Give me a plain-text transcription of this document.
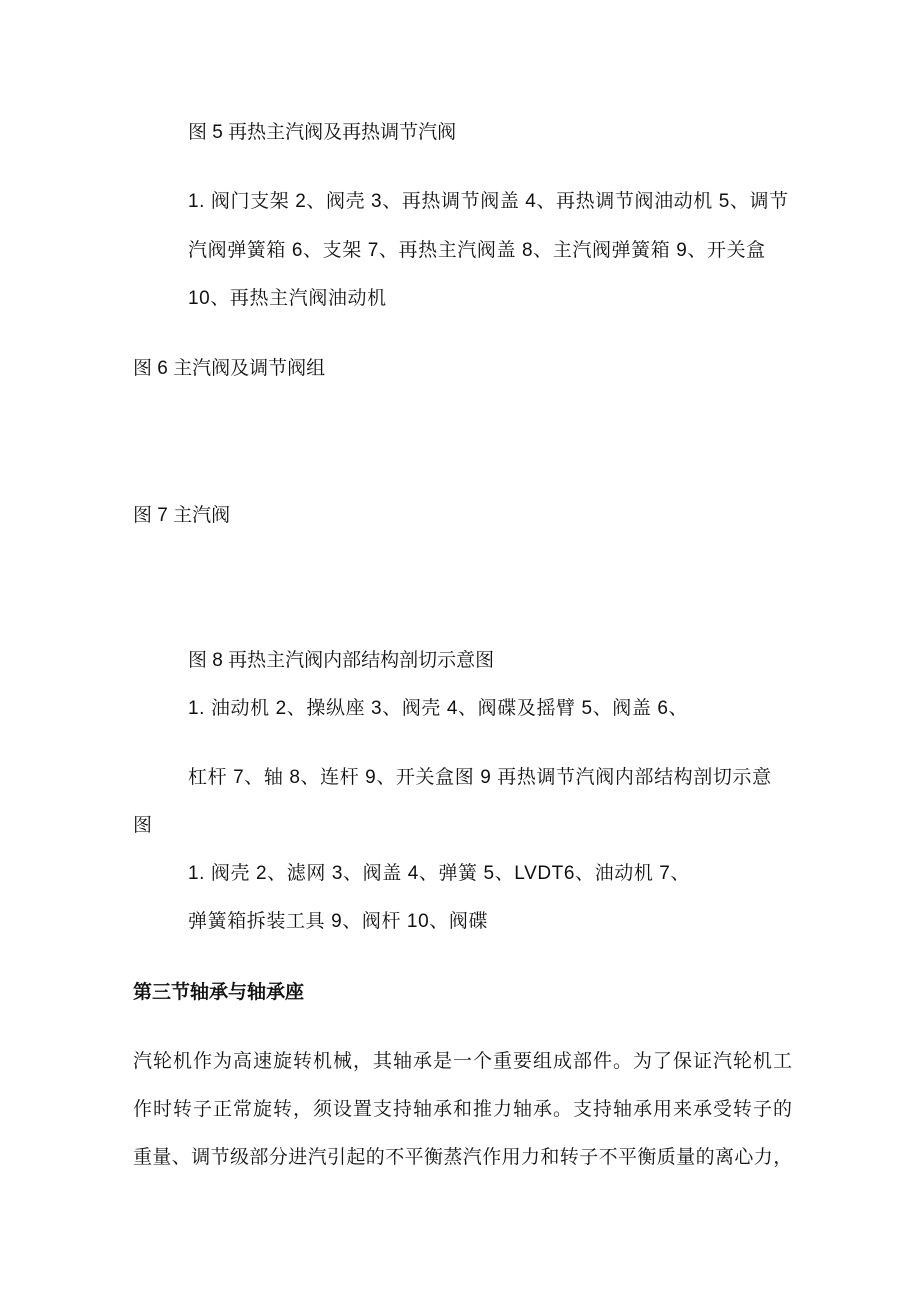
图 5 再热主汽阀及再热调节汽阀
1. 阀门支架 2、阀壳 3、再热调节阀盖 4、再热调节阀油动机 5、调节
汽阀弹簧箱 6、支架 7、再热主汽阀盖 8、主汽阀弹簧箱 9、开关盒
10、再热主汽阀油动机
图 6 主汽阀及调节阀组
图 7 主汽阀
图 8 再热主汽阀内部结构剖切示意图
1. 油动机 2、操纵座 3、阀壳 4、阀碟及摇臂 5、阀盖 6、
杠杆 7、轴 8、连杆 9、开关盒图 9 再热调节汽阀内部结构剖切示意
图
1. 阀壳 2、滤网 3、阀盖 4、弹簧 5、LVDT6、油动机 7、
弹簧箱拆装工具 9、阀杆 10、阀碟
第三节轴承与轴承座
汽轮机作为高速旋转机械，其轴承是一个重要组成部件。为了保证汽轮机工
作时转子正常旋转，须设置支持轴承和推力轴承。支持轴承用来承受转子的
重量、调节级部分进汽引起的不平衡蒸汽作用力和转子不平衡质量的离心力，
